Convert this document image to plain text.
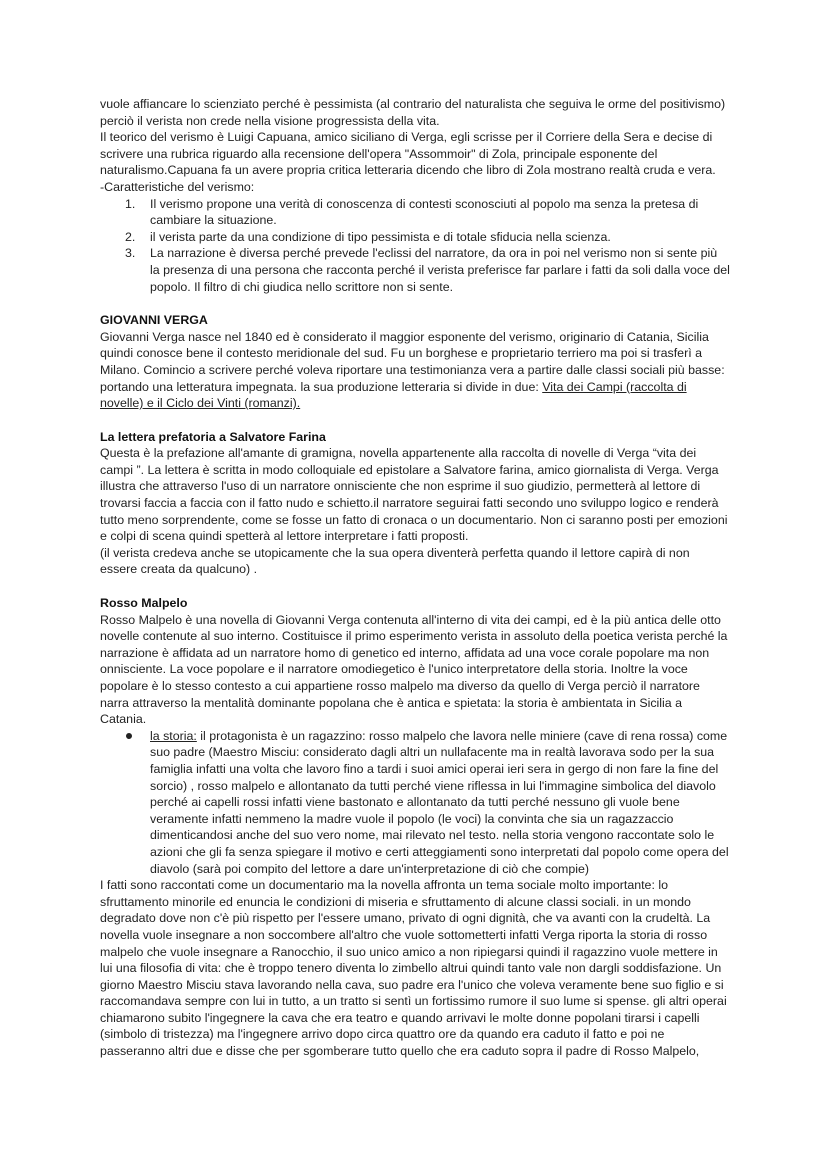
vuole affiancare lo scienziato perché è pessimista (al contrario del naturalista che seguiva le orme del positivismo) perciò il verista non crede nella visione progressista della vita.

Il teorico del verismo è Luigi Capuana, amico siciliano di Verga, egli scrisse per il Corriere della Sera e decise di scrivere una rubrica riguardo alla recensione dell'opera "Assommoir" di Zola, principale esponente del naturalismo.Capuana fa un avere propria critica letteraria dicendo che libro di Zola mostrano realtà cruda e vera.

-Caratteristiche del verismo:

1. Il verismo propone una verità di conoscenza di contesti sconosciuti al popolo ma senza la pretesa di cambiare la situazione.
2. il verista parte da una condizione di tipo pessimista e di totale sfiducia nella scienza.
3. La narrazione è diversa perché prevede l'eclissi del narratore, da ora in poi nel verismo non si sente più la presenza di una persona che racconta perché il verista preferisce far parlare i fatti da soli dalla voce del popolo. Il filtro di chi giudica nello scrittore non si sente.
GIOVANNI VERGA

Giovanni Verga nasce nel 1840 ed è considerato il maggior esponente del verismo, originario di Catania, Sicilia quindi conosce bene il contesto meridionale del sud. Fu un borghese e proprietario terriero ma poi si trasferì a Milano. Comincio a scrivere perché voleva riportare una testimonianza vera a partire dalle classi sociali più basse: portando una letteratura impegnata. la sua produzione letteraria si divide in due: Vita dei Campi (raccolta di novelle) e il Ciclo dei Vinti (romanzi).

La lettera prefatoria a Salvatore Farina

Questa è la prefazione all'amante di gramigna, novella appartenente alla raccolta di novelle di Verga “vita dei campi ”. La lettera è scritta in modo colloquiale ed epistolare a Salvatore farina, amico giornalista di Verga. Verga illustra che attraverso l'uso di un narratore onnisciente che non esprime il suo giudizio, permetterà al lettore di trovarsi faccia a faccia con il fatto nudo e schietto.il narratore seguirai fatti secondo uno sviluppo logico e renderà tutto meno sorprendente, come se fosse un fatto di cronaca o un documentario. Non ci saranno posti per emozioni e colpi di scena quindi spetterà al lettore interpretare i fatti proposti.

(il verista credeva anche se utopicamente che la sua opera diventerà perfetta quando il lettore capirà di non essere creata da qualcuno) .

Rosso Malpelo

Rosso Malpelo è una novella di Giovanni Verga contenuta all'interno di vita dei campi, ed è la più antica delle otto novelle contenute al suo interno. Costituisce il primo esperimento verista in assoluto della poetica verista perché la narrazione è affidata ad un narratore homo di genetico ed interno, affidata ad una voce corale popolare ma non onnisciente. La voce popolare e il narratore omodiegetico è l'unico interpretatore della storia. Inoltre la voce popolare è lo stesso contesto a cui appartiene rosso malpelo ma diverso da quello di Verga perciò il narratore narra attraverso la mentalità dominante popolana che è antica e spietata: la storia è ambientata in Sicilia a Catania.

la storia: il protagonista è un ragazzino: rosso malpelo che lavora nelle miniere (cave di rena rossa) come suo padre (Maestro Misciu: considerato dagli altri un nullafacente ma in realtà lavorava sodo per la sua famiglia infatti una volta che lavoro fino a tardi i suoi amici operai ieri sera in gergo di non fare la fine del sorcio) , rosso malpelo e allontanato da tutti perché viene riflessa in lui l'immagine simbolica del diavolo perché ai capelli rossi infatti viene bastonato e allontanato da tutti perché nessuno gli vuole bene veramente infatti nemmeno la madre vuole il popolo (le voci) la convinta che sia un ragazzaccio dimenticandosi anche del suo vero nome, mai rilevato nel testo. nella storia vengono raccontate solo le azioni che gli fa senza spiegare il motivo e certi atteggiamenti sono interpretati dal popolo come opera del diavolo (sarà poi compito del lettore a dare un'interpretazione di ciò che compie)

I fatti sono raccontati come un documentario ma la novella affronta un tema sociale molto importante: lo sfruttamento minorile ed enuncia le condizioni di miseria e sfruttamento di alcune classi sociali. in un mondo degradato dove non c'è più rispetto per l'essere umano, privato di ogni dignità, che va avanti con la crudeltà. La novella vuole insegnare a non soccombere all'altro che vuole sottometterti infatti Verga riporta la storia di rosso malpelo che vuole insegnare a Ranocchio, il suo unico amico a non ripiegarsi quindi il ragazzino vuole mettere in lui una filosofia di vita: che è troppo tenero diventa lo zimbello altrui quindi tanto vale non dargli soddisfazione. Un giorno Maestro Misciu stava lavorando nella cava, suo padre era l'unico che voleva veramente bene suo figlio e si raccomandava sempre con lui in tutto, a un tratto si sentì un fortissimo rumore il suo lume si spense. gli altri operai chiamarono subito l'ingegnere la cava che era teatro e quando arrivavi le molte donne popolani tirarsi i capelli (simbolo di tristezza) ma l'ingegnere arrivo dopo circa quattro ore da quando era caduto il fatto e poi ne passeranno altri due e disse che per sgomberare tutto quello che era caduto sopra il padre di Rosso Malpelo,
